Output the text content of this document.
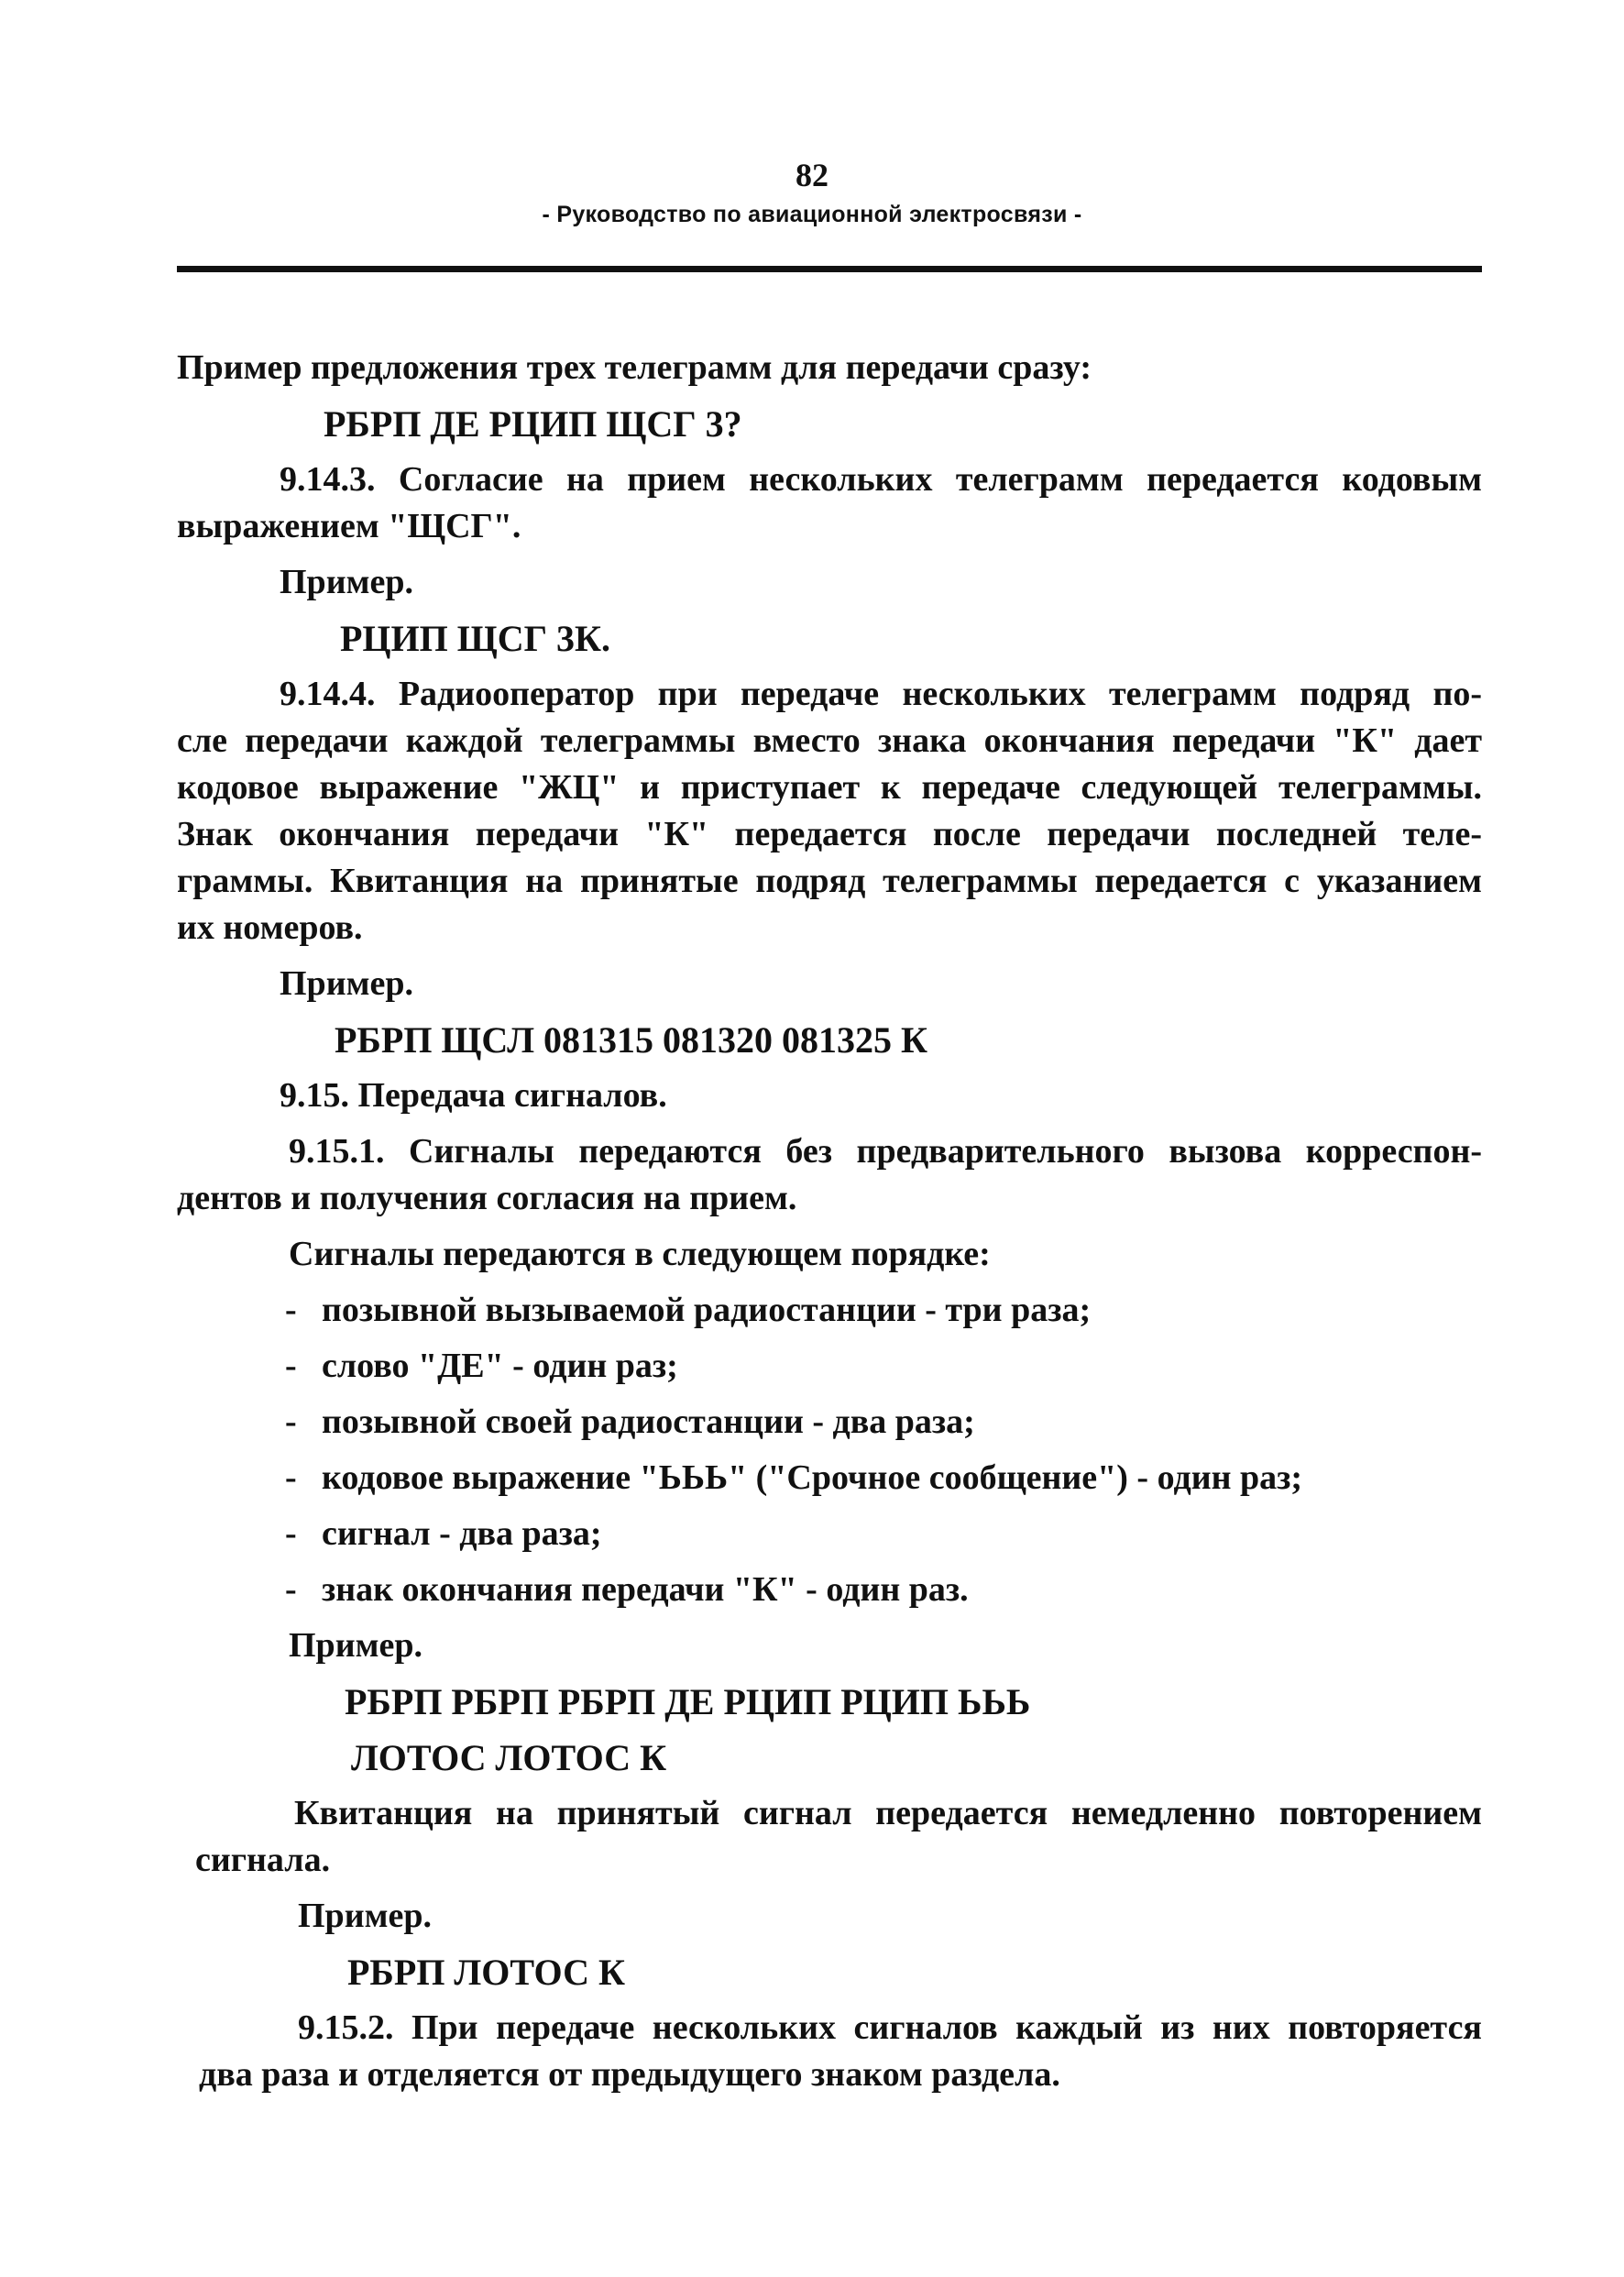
82
- Руководство по авиационной электросвязи -
Пример предложения трех телеграмм для передачи сразу:
РБРП ДЕ РЦИП ЩСГ 3?
9.14.3. Согласие на прием нескольких телеграмм передается кодовым
выражением "ЩСГ".
Пример.
РЦИП ЩСГ 3К.
9.14.4. Радиооператор при передаче нескольких телеграмм подряд по-
сле передачи каждой телеграммы вместо знака окончания передачи "К" дает
кодовое выражение "ЖЦ" и приступает к передаче следующей телеграммы.
Знак окончания передачи "К" передается после передачи последней теле-
граммы. Квитанция на принятые подряд телеграммы передается с указанием
их номеров.
Пример.
РБРП ЩСЛ 081315 081320 081325 К
9.15. Передача сигналов.
9.15.1. Сигналы передаются без предварительного вызова корреспон-
дентов и получения согласия на прием.
Сигналы передаются в следующем порядке:
- позывной вызываемой радиостанции - три раза;
- слово "ДЕ" - один раз;
- позывной своей радиостанции - два раза;
- кодовое выражение "ЬЬЬ" ("Срочное сообщение") - один раз;
- сигнал - два раза;
- знак окончания передачи "К" - один раз.
Пример.
РБРП РБРП РБРП ДЕ РЦИП РЦИП ЬЬЬ
ЛОТОС ЛОТОС К
Квитанция на принятый сигнал передается немедленно повторением
сигнала.
Пример.
РБРП ЛОТОС К
9.15.2. При передаче нескольких сигналов каждый из них повторяется
два раза и отделяется от предыдущего знаком раздела.
